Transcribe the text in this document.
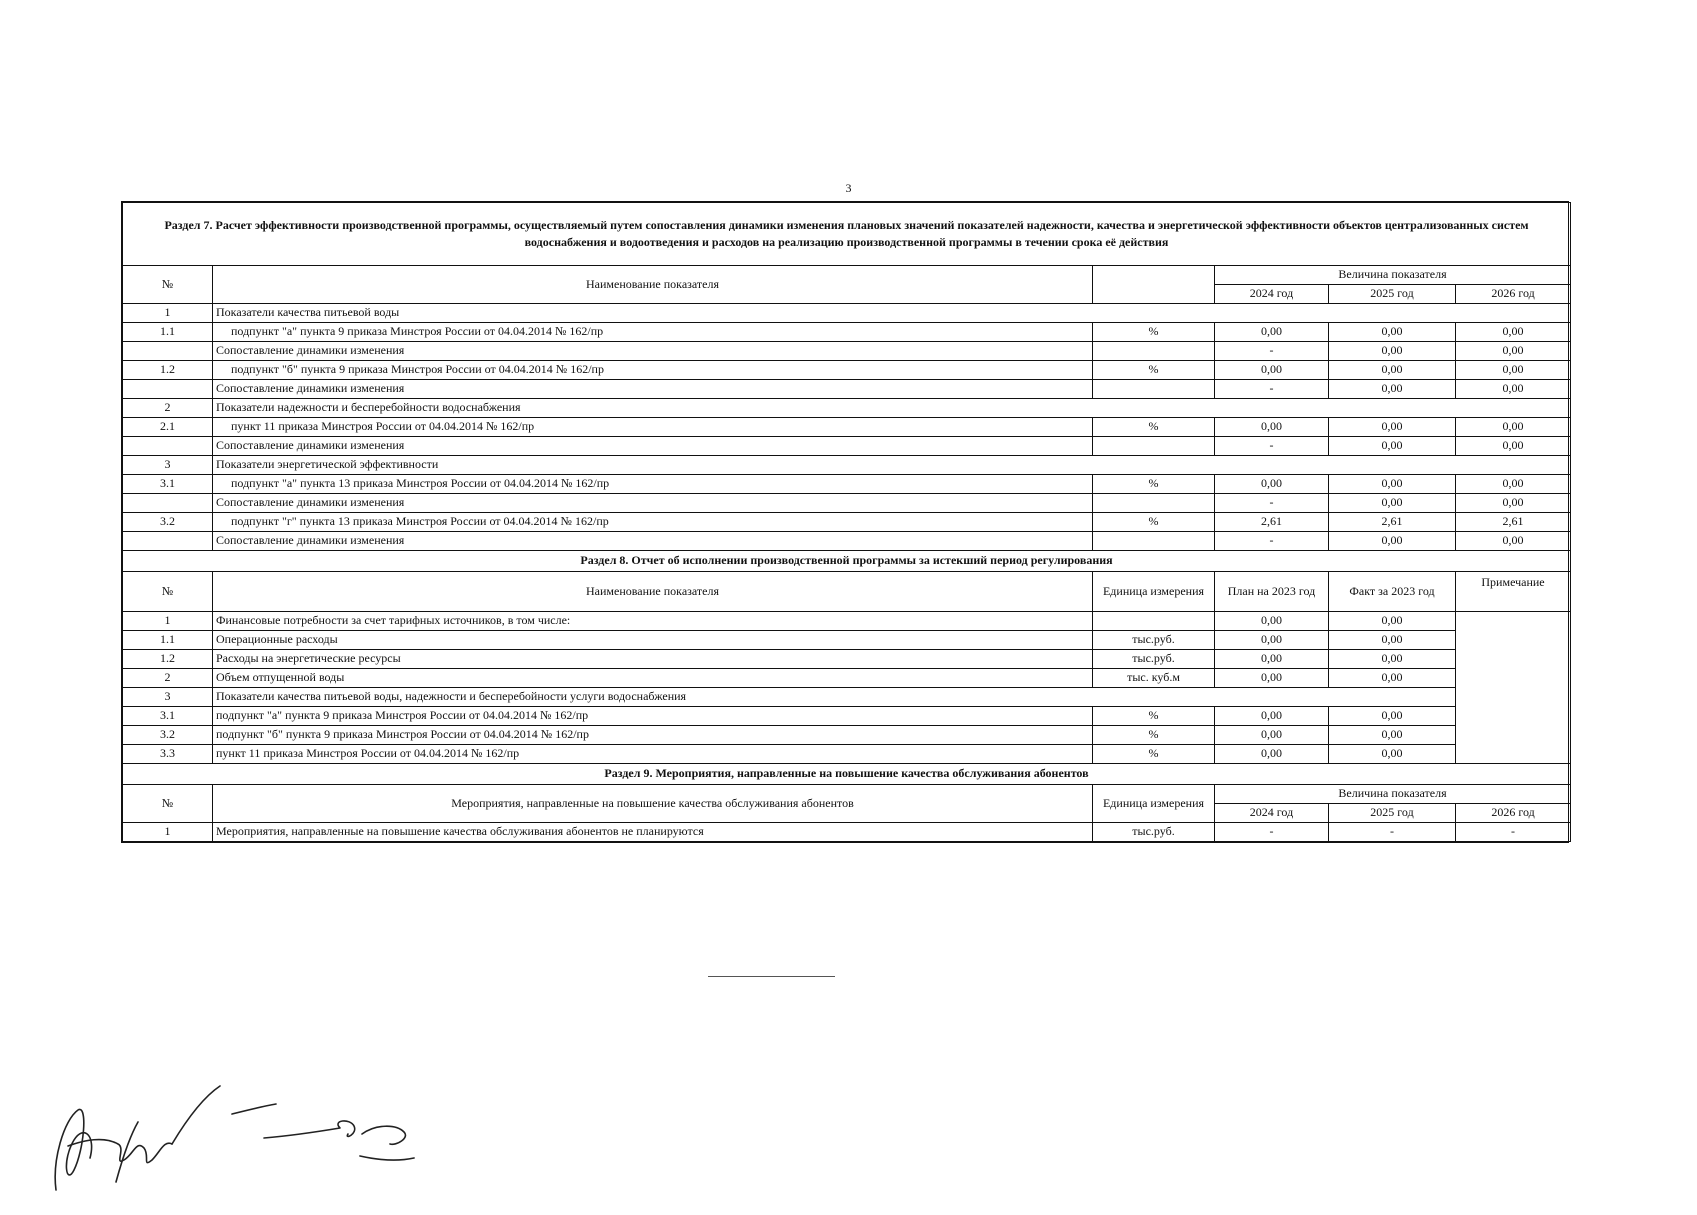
3
Раздел 7. Расчет эффективности производственной программы, осуществляемый путем сопоставления динамики изменения плановых значений показателей надежности, качества и энергетической эффективности объектов централизованных систем водоснабжения и водоотведения и расходов на реализацию производственной программы в течении срока её действия					
№	Наименование показателя		Величина показателя		
			2024 год	2025 год	2026 год
1	Показатели качества питьевой воды				
1.1	подпункт "а" пункта 9 приказа Минстроя России от 04.04.2014 № 162/пр	%	0,00	0,00	0,00
	Сопоставление динамики изменения		-	0,00	0,00
1.2	подпункт "б" пункта 9 приказа Минстроя России от 04.04.2014 № 162/пр	%	0,00	0,00	0,00
	Сопоставление динамики изменения		-	0,00	0,00
2	Показатели надежности и бесперебойности водоснабжения				
2.1	пункт 11 приказа Минстроя России от 04.04.2014 № 162/пр	%	0,00	0,00	0,00
	Сопоставление динамики изменения		-	0,00	0,00
3	Показатели энергетической эффективности				
3.1	подпункт "а" пункта 13 приказа Минстроя России от 04.04.2014 № 162/пр	%	0,00	0,00	0,00
	Сопоставление динамики изменения		-	0,00	0,00
3.2	подпункт "г" пункта 13 приказа Минстроя России от 04.04.2014 № 162/пр	%	2,61	2,61	2,61
	Сопоставление динамики изменения		-	0,00	0,00
Раздел 8. Отчет об исполнении производственной программы за истекший период регулирования					
№	Наименование показателя	Единица измерения	План на 2023 год	Факт за 2023 год	Примечание
1	Финансовые потребности за счет тарифных источников, в том числе:		0,00	0,00	
1.1	Операционные расходы	тыс.руб.	0,00	0,00	
1.2	Расходы на энергетические ресурсы	тыс.руб.	0,00	0,00	
2	Объем отпущенной воды	тыс. куб.м	0,00	0,00	
3	Показатели качества питьевой воды, надежности и бесперебойности услуги водоснабжения				
3.1	подпункт "а" пункта 9 приказа Минстроя России от 04.04.2014 № 162/пр	%	0,00	0,00	
3.2	подпункт "б" пункта 9 приказа Минстроя России от 04.04.2014 № 162/пр	%	0,00	0,00	
3.3	пункт 11 приказа Минстроя России от 04.04.2014 № 162/пр	%	0,00	0,00	
Раздел 9. Мероприятия, направленные на повышение качества обслуживания абонентов					
№	Мероприятия, направленные на повышение качества обслуживания абонентов	Единица измерения	Величина показателя		
			2024 год	2025 год	2026 год
1	Мероприятия, направленные на повышение качества обслуживания абонентов не планируются	тыс.руб.	-	-	-
